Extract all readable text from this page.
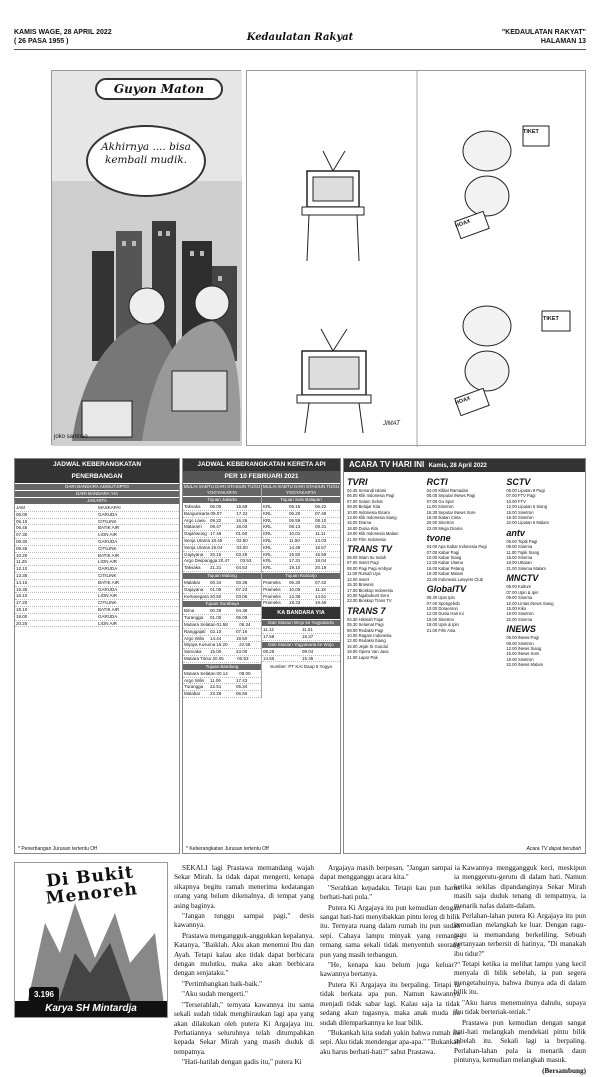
KAMIS WAGE, 28 APRIL 2022
( 26 PASA 1955 )	Kedaulatan Rakyat	"KEDAULATAN RAKYAT"
HALAMAN 13
Guyon Maton
Akhirnya .... bisa kembali mudik.
joko santoso
TIKET
HOAX
TIKET
HOAX
JIMAT
JADWAL KEBERANGKATAN
PENERBANGAN
DARI BANDARA ADISUTJIPTO
DARI BANDARA YIA
JAKARTA
JAM	MASKAPAI
06.00	GARUDA
06.15	CITILINK
06.45	BATIK AIR
07.30	LION AIR
08.30	GARUDA
09.45	CITILINK
10.20	BATIK AIR
11.25	LION AIR
12.10	GARUDA
13.35	CITILINK
14.15	BATIK AIR
15.35	GARUDA
16.10	LION AIR
17.20	CITILINK
18.10	BATIK AIR
19.00	GARUDA
20.25	LION AIR
* Penerbangan Jurusan tertentu Off
JADWAL KEBERANGKATAN KERETA API
PER 10 FEBRUARI 2021
MULAI SABTU DARI STASIUN TUGU YOGYAKARTA
Tujuan Jakarta
Taksaka	06.00	15.59
Bangunkarta 09.07	17.22
Argo Lawu 09.22	16.26
Mataram	09.47	18.03
Gajahwong 17.48	01.50
Senja Utama 18.45	02.50
Senja Utama 19.04	03.00
Gajayana	20.15	03.29
Argo Dwipangga 20.47	03.53
Taksaka	21.21	04.53
Tujuan Malang
Malabar	00.34	00.36
Gajayana	01.05	07.23
Kertanegara 20.50	03.06
Tujuan Surabaya
Bima	00.29	04.38
Turangga	01.00	05.09
Mutiara Selatan 01.58	06.34
Ranggajati 02.10	07.16
Argo Wilis	14.44	19.50
Wijaya Kusuma 16.20	22.58
Sancaka	15.00	23.00
Mutiara Timur 20.05	00.53
Tujuan Bandung
Mutiara Selatan 00.14	08.00
Argo Wilis	11.06	17.43
Turangga	22.51	05.34
Malabar	23.28	06.56
MULAI SABTU DARI STASIUN TUGU YOGYAKARTA
Tujuan Solo Balapan
KRL	05.15	06.22
KRL	06.20	07.48
KRL	06.59	08.10
KRL	08.13	09.31
KRL	10.01	11.11
KRL	11.50	13.03
KRL	14.49	15.57
KRL	15.50	16.59
KRL	17.31	18.04
KRL	19.10	20.19
Tujuan Kutoarjo
Prameks	06.30	07.42
Prameks	10.05	11.18
Prameks	13.38	14.51
Prameks	18.33	19.46
KA BANDARA YIA
Dari Stasiun Wojo ke Yogyakarta
11.12	11.51
17.58	18.37
Dari Stasiun Yogyakarta ke Wojo
08.25	09.04
14.55	15.35
Sumber: PT KAI Daop 6 Yogya
* Keberangkatan Jurusan tertentu Off
ACARA TV HARI INI Kamis, 28 April 2022
TVRI
04.45 Senandi Islami
06.00 Klik Indonesia Pagi
07.00 Salam Sehat
08.00 Belajar Kita
10.00 Indonesia Bicara
13.00 Klik Indonesia Siang
15.00 Drama
18.00 Dunia Kita
19.00 Klik Indonesia Malam
21.00 Film Indonesia
TRANS TV
05.00 Islam Itu Indah
07.00 Insert Pagi
08.00 Pagi Pagi Ambyar
11.00 Rumah Uya
13.00 Insert
15.30 Brownis
17.00 Bioskop Indonesia
20.00 Ngabuburit Seru
23.00 Bioskop Trans TV
TRANS 7
04.30 Hikmah Fajar
05.30 Selamat Pagi
08.00 Redaksi Pagi
10.00 Ragam Indonesia
12.00 Redaksi Siang
16.00 Jejak Si Gundul
18.00 Opera Van Java
21.00 Lapor Pak
RCTI
04.00 Kiblat Ramadan
05.00 Seputar iNews Pagi
07.00 Go Spot
11.00 Sinetron
16.30 Seputar iNews Sore
18.00 Ikatan Cinta
20.00 Sinetron
22.00 Mega Drama
tvone
04.00 Apa Kabar Indonesia Pagi
07.00 Kabar Pagi
10.00 Kabar Siang
12.00 Kabar Utama
16.00 Kabar Petang
19.30 Kabar Malam
22.00 Indonesia Lawyers Club
GlobalTV
05.30 Upin Ipin
07.00 Spongebob
10.00 Doraemon
12.00 Dunia Hari Ini
15.00 Sinetron
18.00 Upin & Ipin
21.00 Film Asia
SCTV
05.00 Liputan 6 Pagi
07.00 FTV Pagi
10.00 FTV
12.00 Liputan 6 Siang
15.00 Sinetron
18.30 Sinetron
22.00 Liputan 6 Malam
antv
05.00 Topik Pagi
08.00 Sinema
11.00 Topik Siang
15.00 Sinema
18.00 Uttaran
21.00 Sinema Malam
MNCTV
05.00 Kultum
07.00 Upin & Ipin
09.00 Sinema
12.00 Lintas iNews Siang
15.00 Kiko
19.00 Sinetron
22.00 Sinema
INEWS
05.00 iNews Pagi
08.00 Sinetron
12.00 iNews Siang
16.00 iNews Sore
19.00 Sinetron
22.00 iNews Malam
Acara TV dapat berubah
Di Bukit Menoreh
3.196
Karya SH Mintardja

SEKALI lagi Prastawa memandang wajah Sekar Mirah. Ia tidak dapat mengerti, kenapa sikapnya begitu ramah menerima kedatangan orang yang belum dikenalnya, di tempat yang asing baginya.

"Jangan tunggu sampai pagi," desis kawannya.

Prastawa mengangguk-anggukkan kepalanya. Katanya, "Baiklah. Aku akan menemui Ibu dan Ayah. Tetapi kalau aku tidak dapat berbicara dengan mulutku, maka aku akan berbicara dengan senjataku."

"Pertimbangkan baik-baik."

"Aku sudah mengerti."

"Terserahlah," ternyata kawannya itu sama sekali sudah tidak menghiraukan lagi apa yang akan dilakukan oleh putera Ki Argajaya itu. Perhatiannya seluruhnya telah ditumpahkan kepada Sekar Mirah yang masih duduk di tempatnya.

"Hati-hatilah dengan gadis itu," putera Ki

Argajaya masih berpesan, "Jangan sampai ia dapat mengganggu acara kita."

"Serahkan kepadaku. Tetapi kau pun harus berhati-hati pula."

Putera Ki Argajaya itu pun kemudian dengan sangat hati-hati menyibakkan pintu lereg di bilik itu. Ternyata ruang dalam rumah itu pun sudah sepi. Cahaya lampu minyak yang remang-remang sama sekali tidak menyentuh seorang pun yang masih terbangun.

"He, kenapa kau belum juga keluar?" kawannya bertanya.

Putera Ki Argajaya itu berpaling. Tetapi ia tidak berkata apa pun. Namun kawannya menjadi tidak sabar lagi. Kalau saja ia tidak sedang akan tugasnya, maka anak muda itu sudah dilemparkannya ke luar bilik.

"Bukankah kita sudah yakin bahwa rumah ini sepi. Aku tidak mendengar apa-apa." "Bukankah aku harus berhati-hati?" sahut Prastawa.

Kawannya menggangguk keci, meskipun ia menggerutu-gerutu di dalam hati. Namun ketika sekilas dipandanginya Sekar Mirah masih saja duduk tenang di tempatnya, ia menarik nafas dalam-dalam.

Perlahan-lahan putera Ki Argajaya itu pun kemudian melangkah ke luar. Dengan ragu-ragu ia memandang berkeliling. Sebuah pertanyaan terbersit di hatinya, "Di manakah ibu tidur?"

Tetapi ketika ia melihat lampu yang kecil menyala di bilik sebelah, ia pun segera mengetahuinya, bahwa ibunya ada di dalam bilik itu.

"Aku harus menemuinya dahulu, supaya ibu tidak berteriak-teriak."

Prastawa pun kemudian dengan sangat hati-hati melangkah mendekati pintu bilik sebelah itu. Sekali lagi ia berpaling. Perlahan-lahan pula ia menarik daun pintunya, kemudian melangkah masuk.

(Bersambung)
